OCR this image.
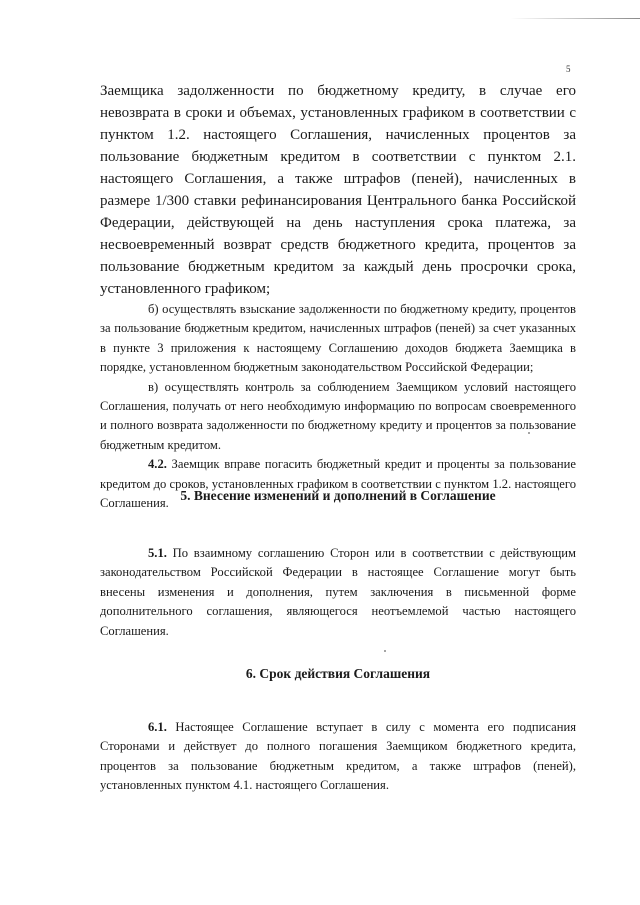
5

Заемщика задолженности по бюджетному кредиту, в случае его невозврата в сроки и объемах, установленных графиком в соответствии с пунктом 1.2. настоящего Соглашения, начисленных процентов за пользование бюджетным кредитом в соответствии с пунктом 2.1. настоящего Соглашения, а также штрафов (пеней), начисленных в размере 1/300 ставки рефинансирования Центрального банка Российской Федерации, действующей на день наступления срока платежа, за несвоевременный возврат средств бюджетного кредита, процентов за пользование бюджетным кредитом за каждый день просрочки срока, установленного графиком;

б) осуществлять взыскание задолженности по бюджетному кредиту, процентов за пользование бюджетным кредитом, начисленных штрафов (пеней) за счет указанных в пункте 3 приложения к настоящему Соглашению доходов бюджета Заемщика в порядке, установленном бюджетным законодательством Российской Федерации;

в) осуществлять контроль за соблюдением Заемщиком условий настоящего Соглашения, получать от него необходимую информацию по вопросам своевременного и полного возврата задолженности по бюджетному кредиту и процентов за пользование бюджетным кредитом.

4.2. Заемщик вправе погасить бюджетный кредит и проценты за пользование кредитом до сроков, установленных графиком в соответствии с пунктом 1.2. настоящего Соглашения.

5. Внесение изменений и дополнений в Соглашение

5.1. По взаимному соглашению Сторон или в соответствии с действующим законодательством Российской Федерации в настоящее Соглашение могут быть внесены изменения и дополнения, путем заключения в письменной форме дополнительного соглашения, являющегося неотъемлемой частью настоящего Соглашения.

6. Срок действия Соглашения

6.1. Настоящее Соглашение вступает в силу с момента его подписания Сторонами и действует до полного погашения Заемщиком бюджетного кредита, процентов за пользование бюджетным кредитом, а также штрафов (пеней), установленных пунктом 4.1. настоящего Соглашения.
